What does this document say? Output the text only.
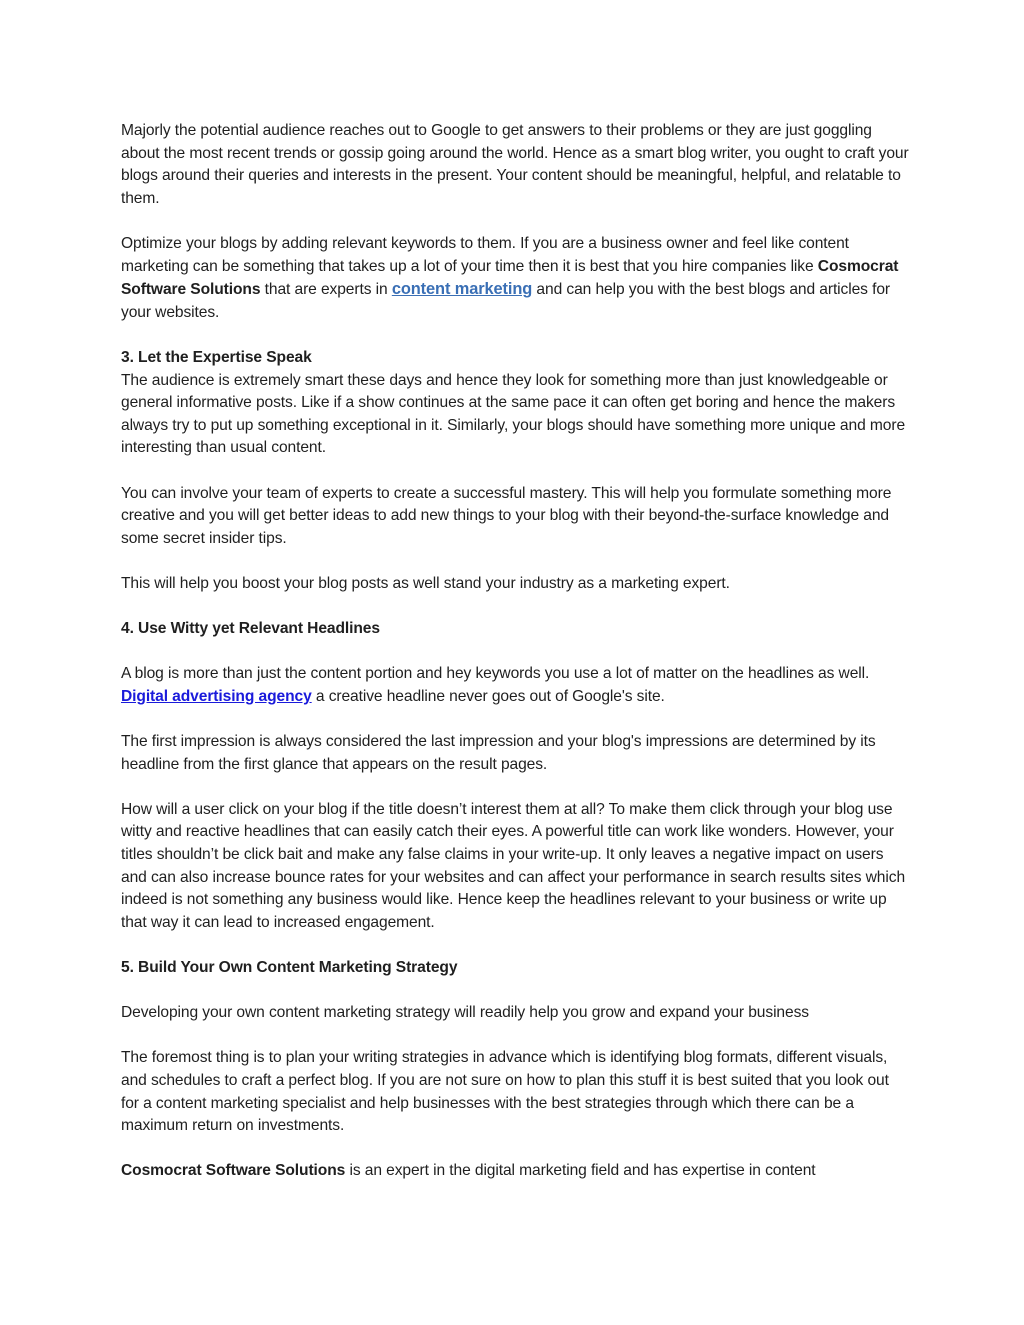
Majorly the potential audience reaches out to Google to get answers to their problems or they are just goggling about the most recent trends or gossip going around the world. Hence as a smart blog writer, you ought to craft your blogs around their queries and interests in the present. Your content should be meaningful, helpful, and relatable to them.

Optimize your blogs by adding relevant keywords to them. If you are a business owner and feel like content marketing can be something that takes up a lot of your time then it is best that you hire companies like Cosmocrat Software Solutions that are experts in content marketing and can help you with the best blogs and articles for your websites.

3. Let the Expertise Speak

The audience is extremely smart these days and hence they look for something more than just knowledgeable or general informative posts. Like if a show continues at the same pace it can often get boring and hence the makers always try to put up something exceptional in it. Similarly, your blogs should have something more unique and more interesting than usual content.

You can involve your team of experts to create a successful mastery. This will help you formulate something more creative and you will get better ideas to add new things to your blog with their beyond-the-surface knowledge and some secret insider tips.

This will help you boost your blog posts as well stand your industry as a marketing expert.

4. Use Witty yet Relevant Headlines

A blog is more than just the content portion and hey keywords you use a lot of matter on the headlines as well. Digital advertising agency a creative headline never goes out of Google's site.

The first impression is always considered the last impression and your blog's impressions are determined by its headline from the first glance that appears on the result pages.

How will a user click on your blog if the title doesn’t interest them at all? To make them click through your blog use witty and reactive headlines that can easily catch their eyes. A powerful title can work like wonders. However, your titles shouldn’t be click bait and make any false claims in your write-up. It only leaves a negative impact on users and can also increase bounce rates for your websites and can affect your performance in search results sites which indeed is not something any business would like. Hence keep the headlines relevant to your business or write up that way it can lead to increased engagement.

5. Build Your Own Content Marketing Strategy

Developing your own content marketing strategy will readily help you grow and expand your business

The foremost thing is to plan your writing strategies in advance which is identifying blog formats, different visuals, and schedules to craft a perfect blog. If you are not sure on how to plan this stuff it is best suited that you look out for a content marketing specialist and help businesses with the best strategies through which there can be a maximum return on investments.

Cosmocrat Software Solutions is an expert in the digital marketing field and has expertise in content
